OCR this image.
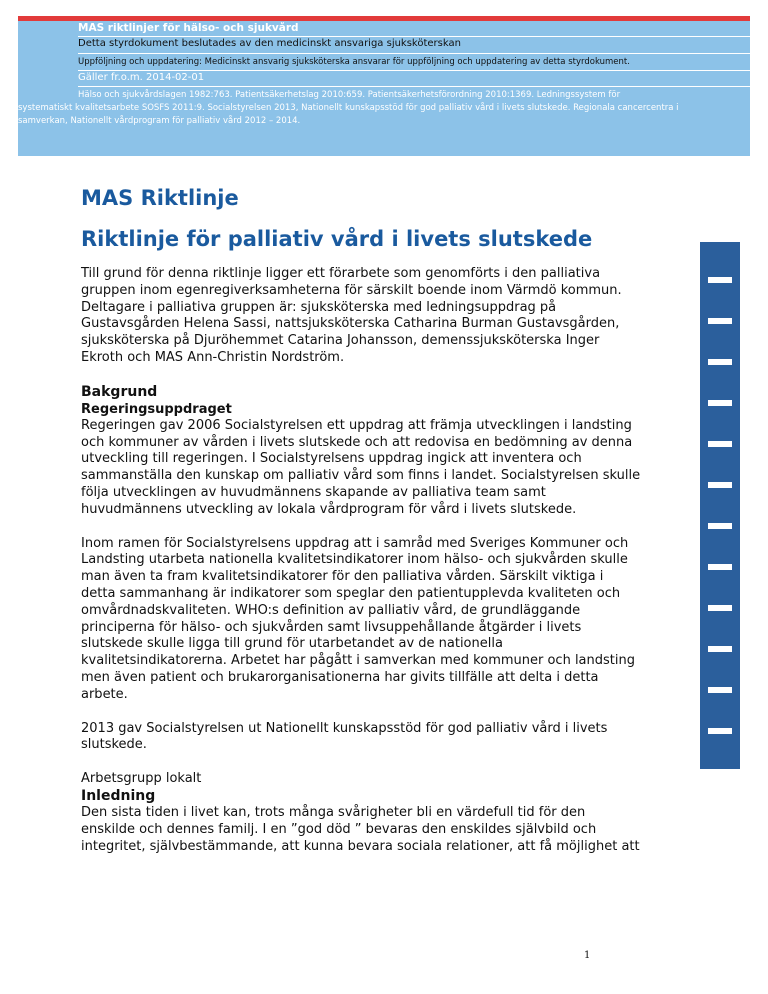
MAS riktlinjer för hälso- och sjukvård
Detta styrdokument beslutades av den medicinskt ansvariga sjuksköterskan
Uppföljning och uppdatering: Medicinskt ansvarig sjuksköterska ansvarar för uppföljning och uppdatering av detta styrdokument.
Gäller fr.o.m. 2014-02-01
Hälso och sjukvårdslagen 1982:763. Patientsäkerhetslag 2010:659. Patientsäkerhetsförordning 2010:1369. Ledningssystem för
systematiskt kvalitetsarbete SOSFS 2011:9. Socialstyrelsen 2013, Nationellt kunskapsstöd för god palliativ vård i livets slutskede. Regionala cancercentra i
samverkan, Nationellt vårdprogram för palliativ vård 2012 – 2014.
MAS Riktlinje
Riktlinje för palliativ vård i livets slutskede

Till grund för denna riktlinje ligger ett förarbete som genomförts i den palliativa gruppen inom egenregiverksamheterna för särskilt boende inom Värmdö kommun. Deltagare i palliativa gruppen är: sjuksköterska med ledningsuppdrag på Gustavsgården Helena Sassi, nattsjuksköterska Catharina Burman Gustavsgården, sjuksköterska på Djuröhemmet Catarina Johansson, demenssjuksköterska Inger Ekroth och MAS Ann-Christin Nordström.

Bakgrund
Regeringsuppdraget

Regeringen gav 2006 Socialstyrelsen ett uppdrag att främja utvecklingen i landsting och kommuner av vården i livets slutskede och att redovisa en bedömning av denna utveckling till regeringen. I Socialstyrelsens uppdrag ingick att inventera och sammanställa den kunskap om palliativ vård som finns i landet. Socialstyrelsen skulle följa utvecklingen av huvudmännens skapande av palliativa team samt huvudmännens utveckling av lokala vårdprogram för vård i livets slutskede.

Inom ramen för Socialstyrelsens uppdrag att i samråd med Sveriges Kommuner och Landsting utarbeta nationella kvalitetsindikatorer inom hälso- och sjukvården skulle man även ta fram kvalitetsindikatorer för den palliativa vården. Särskilt viktiga i detta sammanhang är indikatorer som speglar den patientupplevda kvaliteten och omvårdnadskvaliteten. WHO:s definition av palliativ vård, de grundläggande principerna för hälso- och sjukvården samt livsuppehållande åtgärder i livets slutskede skulle ligga till grund för utarbetandet av de nationella kvalitetsindikatorerna. Arbetet har pågått i samverkan med kommuner och landsting men även patient och brukarorganisationerna har givits tillfälle att delta i detta arbete.

2013 gav Socialstyrelsen ut Nationellt kunskapsstöd för god palliativ vård i livets slutskede.

Arbetsgrupp lokalt
Inledning

Den sista tiden i livet kan, trots många svårigheter bli en värdefull tid för den enskilde och dennes familj. I en ”god död ” bevaras den enskildes självbild och integritet, självbestämmande, att kunna bevara sociala relationer, att få möjlighet att

1
